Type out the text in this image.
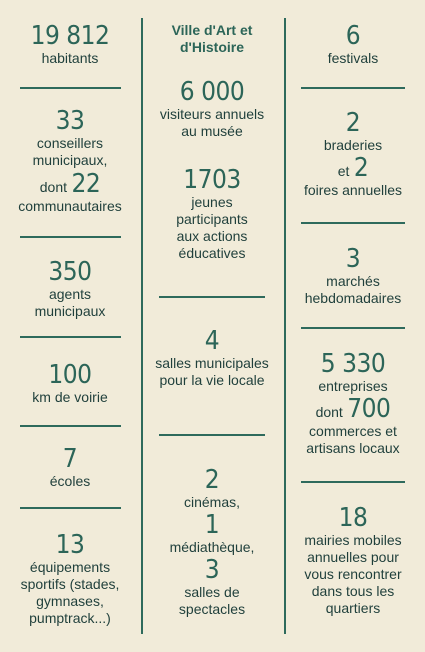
19 812
habitants
33
conseillers municipaux,
dont 22
communautaires
350
agents municipaux
100
km de voirie
7
écoles
13
équipements sportifs (stades, gymnases, pumptrack...)
Ville d'Art et d'Histoire
6 000
visiteurs annuels au musée
1703
jeunes participants aux actions éducatives
4
salles municipales pour la vie locale
2
cinémas,
1
médiathèque,
3
salles de spectacles
6
festivals
2
braderies
et 2
foires annuelles
3
marchés hebdomadaires
5 330
entreprises
dont 700
commerces et artisans locaux
18
mairies mobiles annuelles pour vous rencontrer dans tous les quartiers
